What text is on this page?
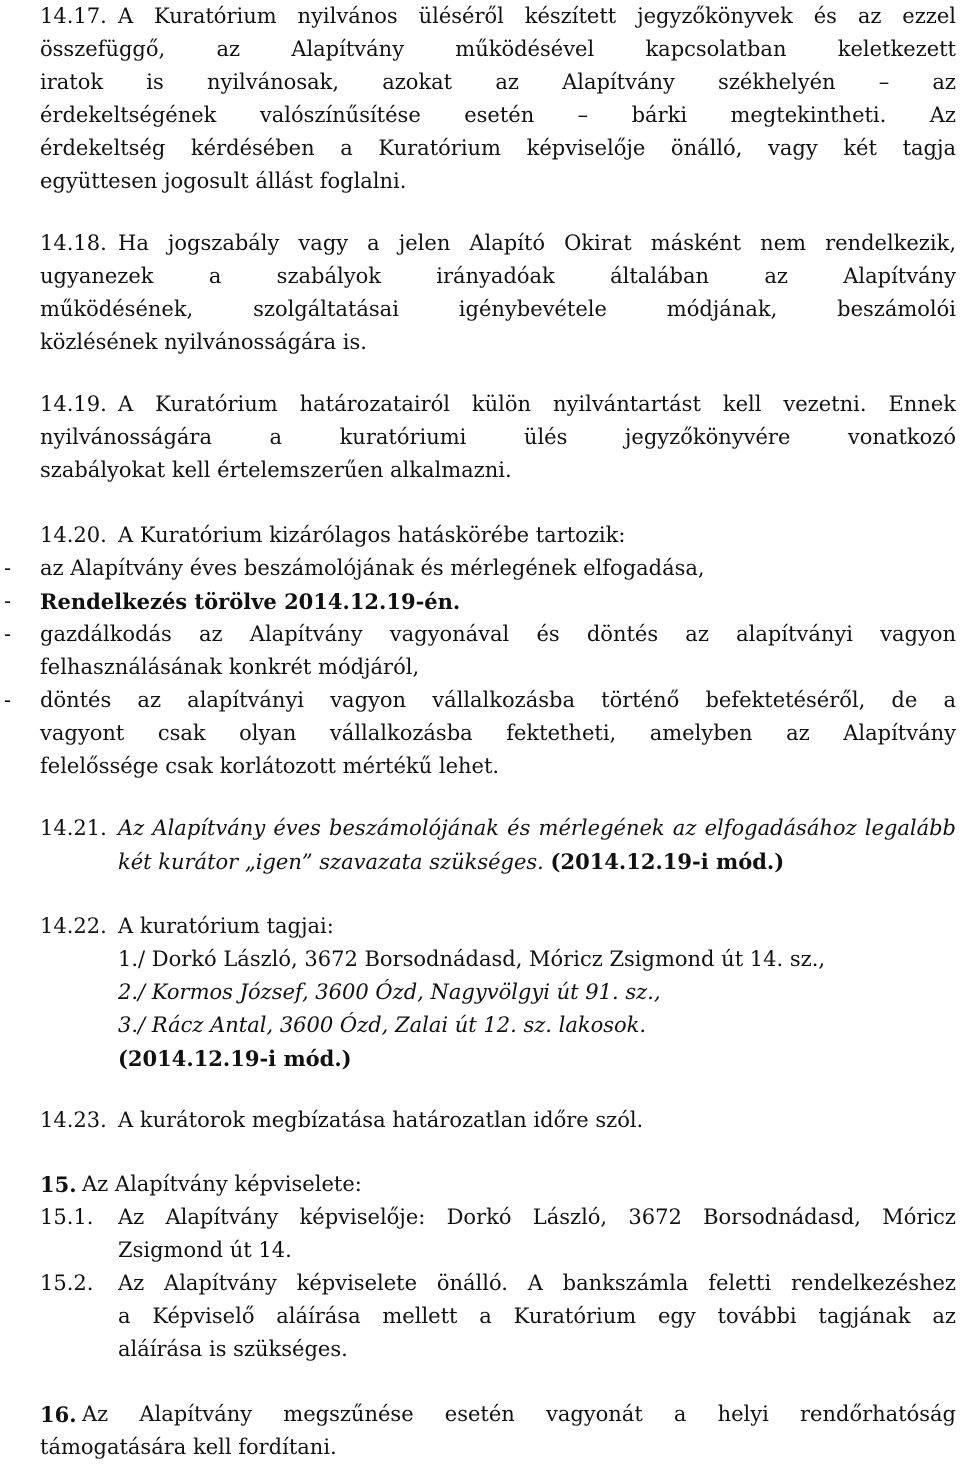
14.17. A Kuratórium nyilvános üléséről készített jegyzőkönyvek és az ezzel
összefüggő, az Alapítvány működésével kapcsolatban keletkezett
iratok is nyilvánosak, azokat az Alapítvány székhelyén – az
érdekeltségének valószínűsítése esetén – bárki megtekintheti. Az
érdekeltség kérdésében a Kuratórium képviselője önálló, vagy két tagja
együttesen jogosult állást foglalni.
14.18. Ha jogszabály vagy a jelen Alapító Okirat másként nem rendelkezik,
ugyanezek a szabályok irányadóak általában az Alapítvány
működésének, szolgáltatásai igénybevétele módjának, beszámolói
közlésének nyilvánosságára is.
14.19. A Kuratórium határozatairól külön nyilvántartást kell vezetni. Ennek
nyilvánosságára a kuratóriumi ülés jegyzőkönyvére vonatkozó
szabályokat kell értelemszerűen alkalmazni.
14.20. A Kuratórium kizárólagos hatáskörébe tartozik:
- az Alapítvány éves beszámolójának és mérlegének elfogadása,
- Rendelkezés törölve 2014.12.19-én.
- gazdálkodás az Alapítvány vagyonával és döntés az alapítványi vagyon
felhasználásának konkrét módjáról,
- döntés az alapítványi vagyon vállalkozásba történő befektetéséről, de a
vagyont csak olyan vállalkozásba fektetheti, amelyben az Alapítvány
felelőssége csak korlátozott mértékű lehet.
14.21. Az Alapítvány éves beszámolójának és mérlegének az elfogadásához legalább
két kurátor „igen” szavazata szükséges. (2014.12.19-i mód.)
14.22. A kuratórium tagjai:
1./ Dorkó László, 3672 Borsodnádasd, Móricz Zsigmond út 14. sz.,
2./ Kormos József, 3600 Ózd, Nagyvölgyi út 91. sz.,
3./ Rácz Antal, 3600 Ózd, Zalai út 12. sz. lakosok.
(2014.12.19-i mód.)
14.23. A kurátorok megbízatása határozatlan időre szól.
15. Az Alapítvány képviselete:
15.1. Az Alapítvány képviselője: Dorkó László, 3672 Borsodnádasd, Móricz
Zsigmond út 14.
15.2. Az Alapítvány képviselete önálló. A bankszámla feletti rendelkezéshez
a Képviselő aláírása mellett a Kuratórium egy további tagjának az
aláírása is szükséges.
16. Az Alapítvány megszűnése esetén vagyonát a helyi rendőrhatóság
támogatására kell fordítani.
